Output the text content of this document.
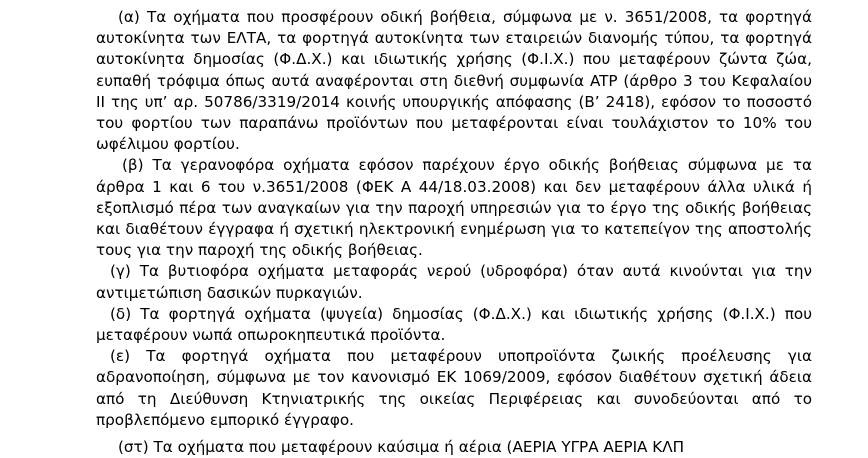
(α) Τα οχήματα που προσφέρουν οδική βοήθεια, σύμφωνα με ν. 3651/2008, τα φορτηγά αυτοκίνητα των ΕΛΤΑ, τα φορτηγά αυτοκίνητα των εταιρειών διανομής τύπου, τα φορτηγά αυτοκίνητα δημοσίας (Φ.Δ.Χ.) και ιδιωτικής χρήσης (Φ.Ι.Χ.) που μεταφέρουν ζώντα ζώα, ευπαθή τρόφιμα όπως αυτά αναφέρονται στη διεθνή συμφωνία ATP (άρθρο 3 του Κεφαλαίου ΙΙ της υπ’ αρ. 50786/3319/2014 κοινής υπουργικής απόφασης (Β’ 2418), εφόσον το ποσοστό του φορτίου των παραπάνω προϊόντων που μεταφέρονται είναι τουλάχιστον το 10% του ωφέλιμου φορτίου.

(β) Τα γερανοφόρα οχήματα εφόσον παρέχουν έργο οδικής βοήθειας σύμφωνα με τα άρθρα 1 και 6 του ν.3651/2008 (ΦΕΚ Α 44/18.03.2008) και δεν μεταφέρουν άλλα υλικά ή εξοπλισμό πέρα των αναγκαίων για την παροχή υπηρεσιών για το έργο της οδικής βοήθειας και διαθέτουν έγγραφα ή σχετική ηλεκτρονική ενημέρωση για το κατεπείγον της αποστολής τους για την παροχή της οδικής βοήθειας.

(γ) Τα βυτιοφόρα οχήματα μεταφοράς νερού (υδροφόρα) όταν αυτά κινούνται για την αντιμετώπιση δασικών πυρκαγιών.

(δ) Τα φορτηγά οχήματα (ψυγεία) δημοσίας (Φ.Δ.Χ.) και ιδιωτικής χρήσης (Φ.Ι.Χ.) που μεταφέρουν νωπά οπωροκηπευτικά προϊόντα.

(ε) Τα φορτηγά οχήματα που μεταφέρουν υποπροϊόντα ζωικής προέλευσης για αδρανοποίηση, σύμφωνα με τον κανονισμό ΕΚ 1069/2009, εφόσον διαθέτουν σχετική άδεια από τη Διεύθυνση Κτηνιατρικής της οικείας Περιφέρειας και συνοδεύονται από το προβλεπόμενο εμπορικό έγγραφο.

(στ) Τα οχήματα που μεταφέρουν καύσιμα ή αέρια (ΑΕΡΙΑ ΥΓΡΑ ΑΕΡΙΑ ΚΛΠ
